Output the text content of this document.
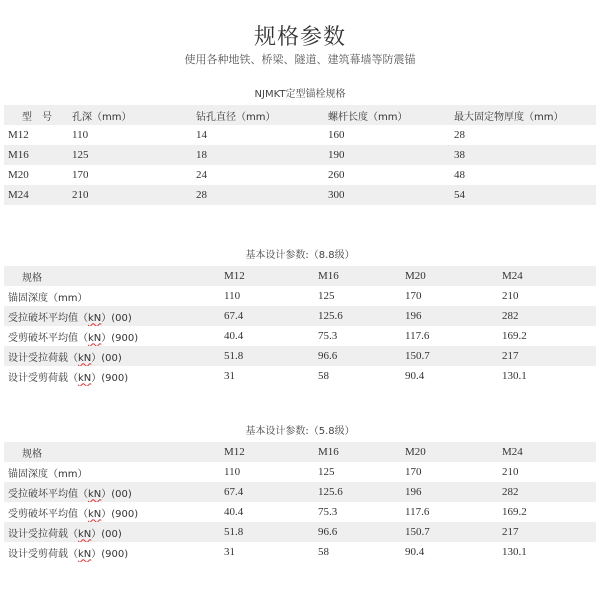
规格参数
使用各种地铁、桥梁、隧道、建筑幕墙等防震锚
NJMKT定型锚栓规格
型　号	孔深（mm）	钻孔直径（mm）	螺杆长度（mm）	最大固定物厚度（mm）
M12	110	14	160	28
M16	125	18	190	38
M20	170	24	260	48
M24	210	28	300	54
基本设计参数:（8.8级）
规格	M12	M16	M20	M24
锚固深度（mm）	110	125	170	210
受拉破坏平均值（kN）(00)	67.4	125.6	196	282
受剪破坏平均值（kN）(900)	40.4	75.3	117.6	169.2
设计受拉荷载（kN）(00)	51.8	96.6	150.7	217
设计受剪荷载（kN）(900)	31	58	90.4	130.1
基本设计参数:（5.8级）
规格	M12	M16	M20	M24
锚固深度（mm）	110	125	170	210
受拉破坏平均值（kN）(00)	67.4	125.6	196	282
受剪破坏平均值（kN）(900)	40.4	75.3	117.6	169.2
设计受拉荷载（kN）(00)	51.8	96.6	150.7	217
设计受剪荷载（kN）(900)	31	58	90.4	130.1
